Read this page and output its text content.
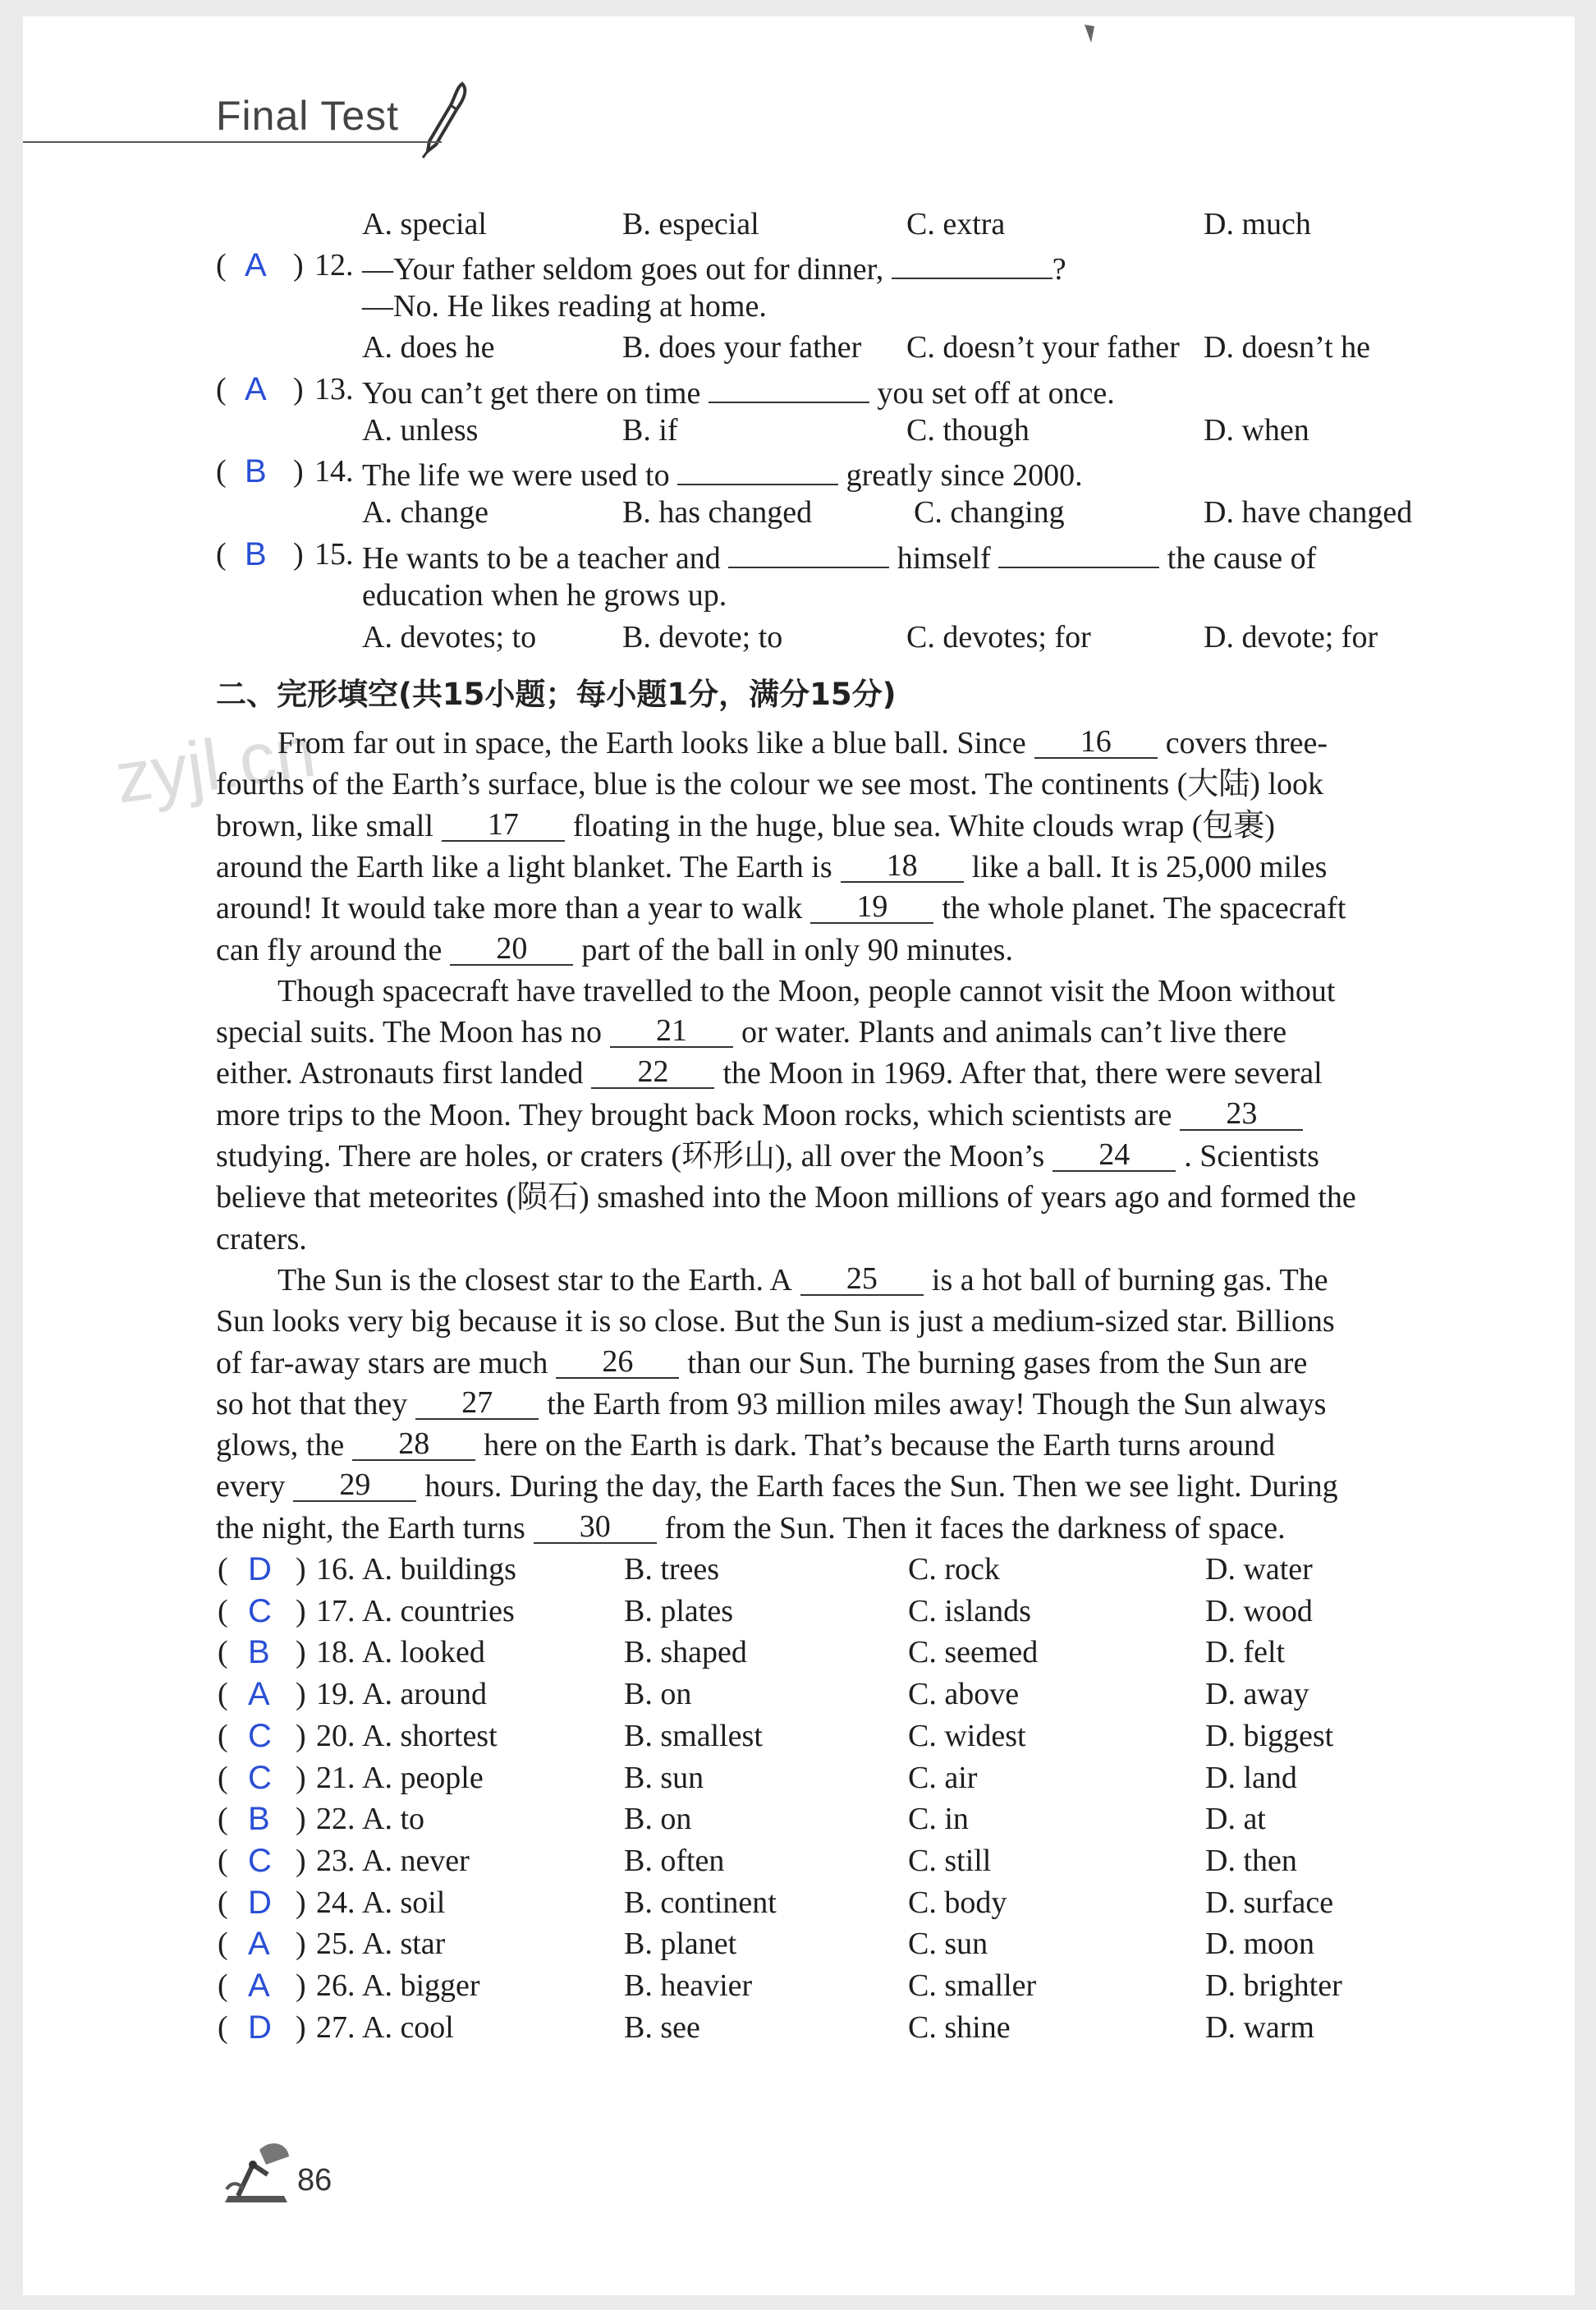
Final Test
zyjl.cn
A. special	B. especial	C. extra	D. much
( A ) 12. —Your father seldom goes out for dinner,	?
—No. He likes reading at home.
A. does he	B. does your father C. doesn’t your father D. doesn’t he
( A ) 13. You can’t get there on time	you set off at once.
A. unless	B. if	C. though	D. when
( B ) 14. The life we were used to	greatly since 2000.
A. change	B. has changed	C. changing	D. have changed
( B ) 15. He wants to be a teacher and	himself	the cause of
education when he grows up.
A. devotes; to	B. devote; to	C. devotes; for	D. devote; for
二、完形填空(共15小题；每小题1分，满分15分)
From far out in space, the Earth looks like a blue ball. Since 16 covers three-
fourths of the Earth’s surface, blue is the colour we see most. The continents (大陆) look
brown, like small 17 floating in the huge, blue sea. White clouds wrap (包裹)
around the Earth like a light blanket. The Earth is 18 like a ball. It is 25,000 miles
around! It would take more than a year to walk 19 the whole planet. The spacecraft
can fly around the 20 part of the ball in only 90 minutes.
Though spacecraft have travelled to the Moon, people cannot visit the Moon without
special suits. The Moon has no 21 or water. Plants and animals can’t live there
either. Astronauts first landed 22 the Moon in 1969. After that, there were several
more trips to the Moon. They brought back Moon rocks, which scientists are 23
studying. There are holes, or craters (环形山), all over the Moon’s 24 . Scientists
believe that meteorites (陨石) smashed into the Moon millions of years ago and formed the
craters.
The Sun is the closest star to the Earth. A 25 is a hot ball of burning gas. The
Sun looks very big because it is so close. But the Sun is just a medium-sized star. Billions
of far-away stars are much 26 than our Sun. The burning gases from the Sun are
so hot that they 27 the Earth from 93 million miles away! Though the Sun always
glows, the 28 here on the Earth is dark. That’s because the Earth turns around
every 29 hours. During the day, the Earth faces the Sun. Then we see light. During
the night, the Earth turns 30 from the Sun. Then it faces the darkness of space.
( D ) 16. A. buildings	B. trees	C. rock	D. water
( C ) 17. A. countries	B. plates	C. islands	D. wood
( B ) 18. A. looked	B. shaped	C. seemed	D. felt
( A ) 19. A. around	B. on	C. above	D. away
( C ) 20. A. shortest	B. smallest	C. widest	D. biggest
( C ) 21. A. people	B. sun	C. air	D. land
( B ) 22. A. to	B. on	C. in	D. at
( C ) 23. A. never	B. often	C. still	D. then
( D ) 24. A. soil	B. continent	C. body	D. surface
( A ) 25. A. star	B. planet	C. sun	D. moon
( A ) 26. A. bigger	B. heavier	C. smaller	D. brighter
( D ) 27. A. cool	B. see	C. shine	D. warm
86
